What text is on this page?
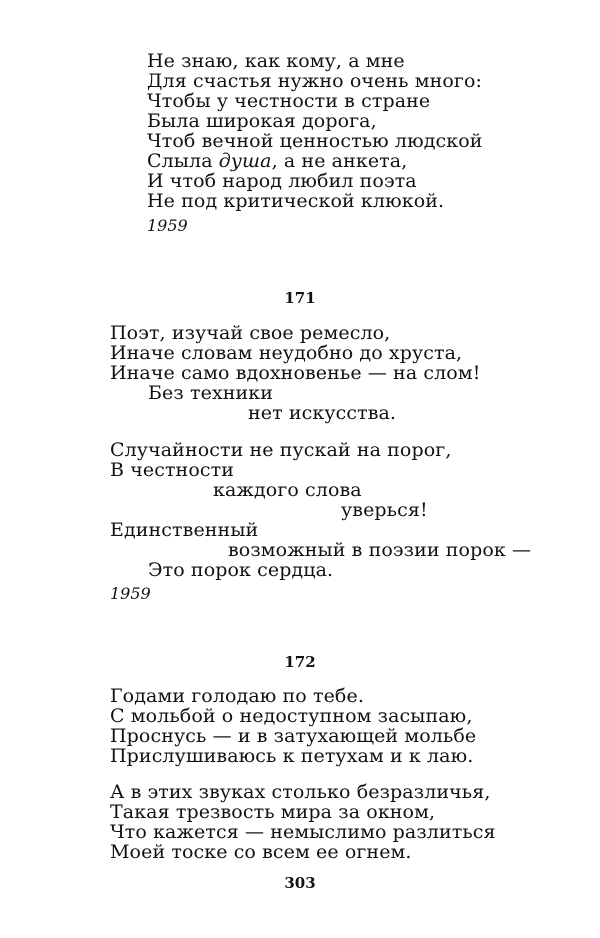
Не знаю, как кому, а мне
Для счастья нужно очень много:
Чтобы у честности в стране
Была широкая дорога,
Чтоб вечной ценностью людской
Слыла душа, а не анкета,
И чтоб народ любил поэта
Не под критической клюкой.
1959
171
Поэт, изучай свое ремесло,
Иначе словам неудобно до хруста,
Иначе само вдохновенье — на слом!
Без техники
нет искусства.
Случайности не пускай на порог,
В честности
каждого слова
уверься!
Единственный
возможный в поэзии порок —
Это порок сердца.
1959
172
Годами голодаю по тебе.
С мольбой о недоступном засыпаю,
Проснусь — и в затухающей мольбе
Прислушиваюсь к петухам и к лаю.
А в этих звуках столько безразличья,
Такая трезвость мира за окном,
Что кажется — немыслимо разлиться
Моей тоске со всем ее огнем.
303
